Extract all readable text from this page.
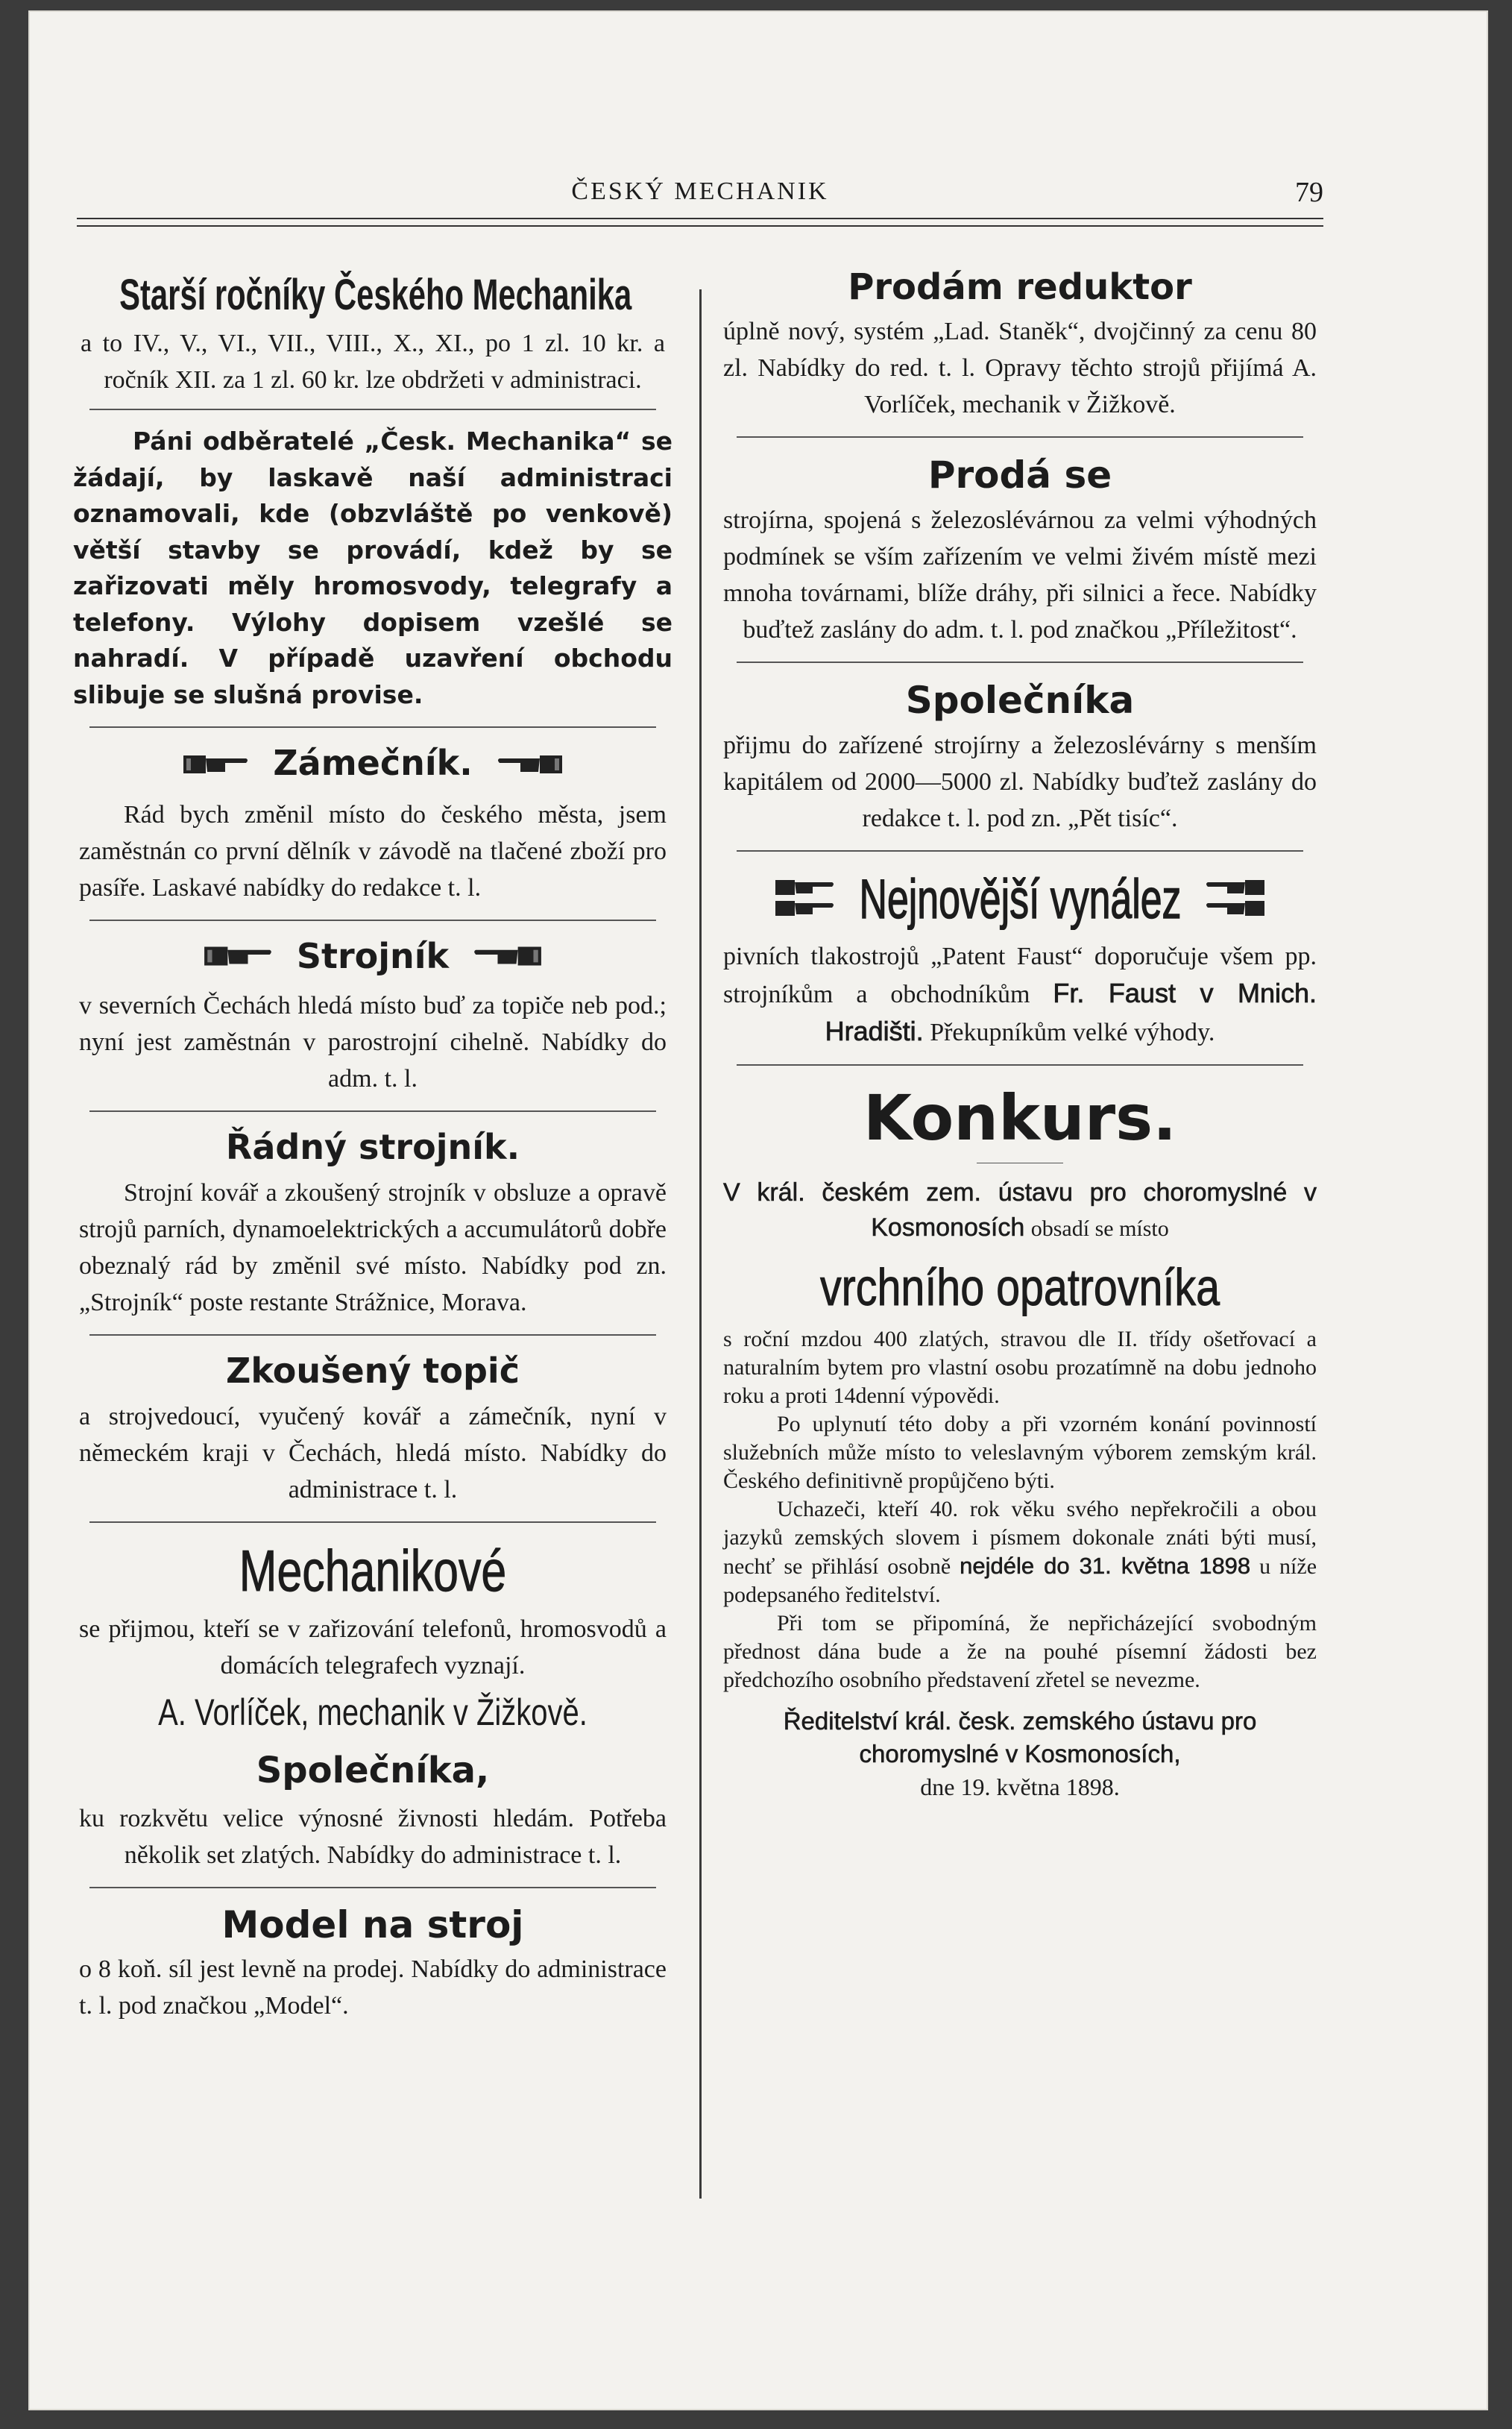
ČESKÝ MECHANIK	79
Starší ročníky Českého Mechanika
a to IV., V., VI., VII., VIII., X., XI., po 1 zl. 10 kr. a ročník XII. za 1 zl. 60 kr. lze obdržeti v administraci.
Páni odběratelé „Česk. Mechanika“ se žádají, by laskavě naší administraci oznamovali, kde (obzvláště po venkově) větší stavby se provádí, kdež by se zařizovati měly hromosvody, telegrafy a telefony. Výlohy dopisem vzešlé se nahradí. V případě uzavření obchodu slibuje se slušná provise.
Zámečník.
Rád bych změnil místo do českého města, jsem zaměstnán co první dělník v závodě na tlačené zboží pro pasíře. Laskavé nabídky do redakce t. l.
Strojník
v severních Čechách hledá místo buď za topiče neb pod.; nyní jest zaměstnán v parostrojní cihelně. Nabídky do adm. t. l.
Řádný strojník.
Strojní kovář a zkoušený strojník v obsluze a opravě strojů parních, dynamoelektrických a accumulátorů dobře obeznalý rád by změnil své místo. Nabídky pod zn. „Strojník“ poste restante Strážnice, Morava.
Zkoušený topič
a strojvedoucí, vyučený kovář a zámečník, nyní v německém kraji v Čechách, hledá místo. Nabídky do administrace t. l.
Mechanikové
se přijmou, kteří se v zařizování telefonů, hromosvodů a domácích telegrafech vyznají.
A. Vorlíček, mechanik v Žižkově.
Společníka,
ku rozkvětu velice výnosné živnosti hledám. Potřeba několik set zlatých. Nabídky do administrace t. l.
Model na stroj
o 8 koň. síl jest levně na prodej. Nabídky do administrace t. l. pod značkou „Model“.
Prodám reduktor
úplně nový, systém „Lad. Staněk“, dvojčinný za cenu 80 zl. Nabídky do red. t. l. Opravy těchto strojů přijímá A. Vorlíček, mechanik v Žižkově.
Prodá se
strojírna, spojená s železoslévárnou za velmi výhodných podmínek se vším zařízením ve velmi živém místě mezi mnoha továrnami, blíže dráhy, při silnici a řece. Nabídky buďtež zaslány do adm. t. l. pod značkou „Příležitost“.
Společníka
přijmu do zařízené strojírny a železoslévárny s menším kapitálem od 2000—5000 zl. Nabídky buďtež zaslány do redakce t. l. pod zn. „Pět tisíc“.
Nejnovější vynález
pivních tlakostrojů „Patent Faust“ doporučuje všem pp. strojníkům a obchodníkům Fr. Faust v Mnich. Hradišti. Překupníkům velké výhody.
Konkurs.
V král. českém zem. ústavu pro choromyslné v Kosmonosích obsadí se místo
vrchního opatrovníka
s roční mzdou 400 zlatých, stravou dle II. třídy ošetřovací a naturalním bytem pro vlastní osobu prozatímně na dobu jednoho roku a proti 14denní výpovědi.
Po uplynutí této doby a při vzorném konání povinností služebních může místo to veleslavným výborem zemským král. Českého definitivně propůjčeno býti.
Uchazeči, kteří 40. rok věku svého nepřekročili a obou jazyků zemských slovem i písmem dokonale znáti býti musí, nechť se přihlásí osobně nejdéle do 31. května 1898 u níže podepsaného ředitelství.
Při tom se připomíná, že nepřicházející svobodným přednost dána bude a že na pouhé písemní žádosti bez předchozího osobního představení zřetel se nevezme.
Ředitelství král. česk. zemského ústavu pro choromyslné v Kosmonosích,
dne 19. května 1898.
